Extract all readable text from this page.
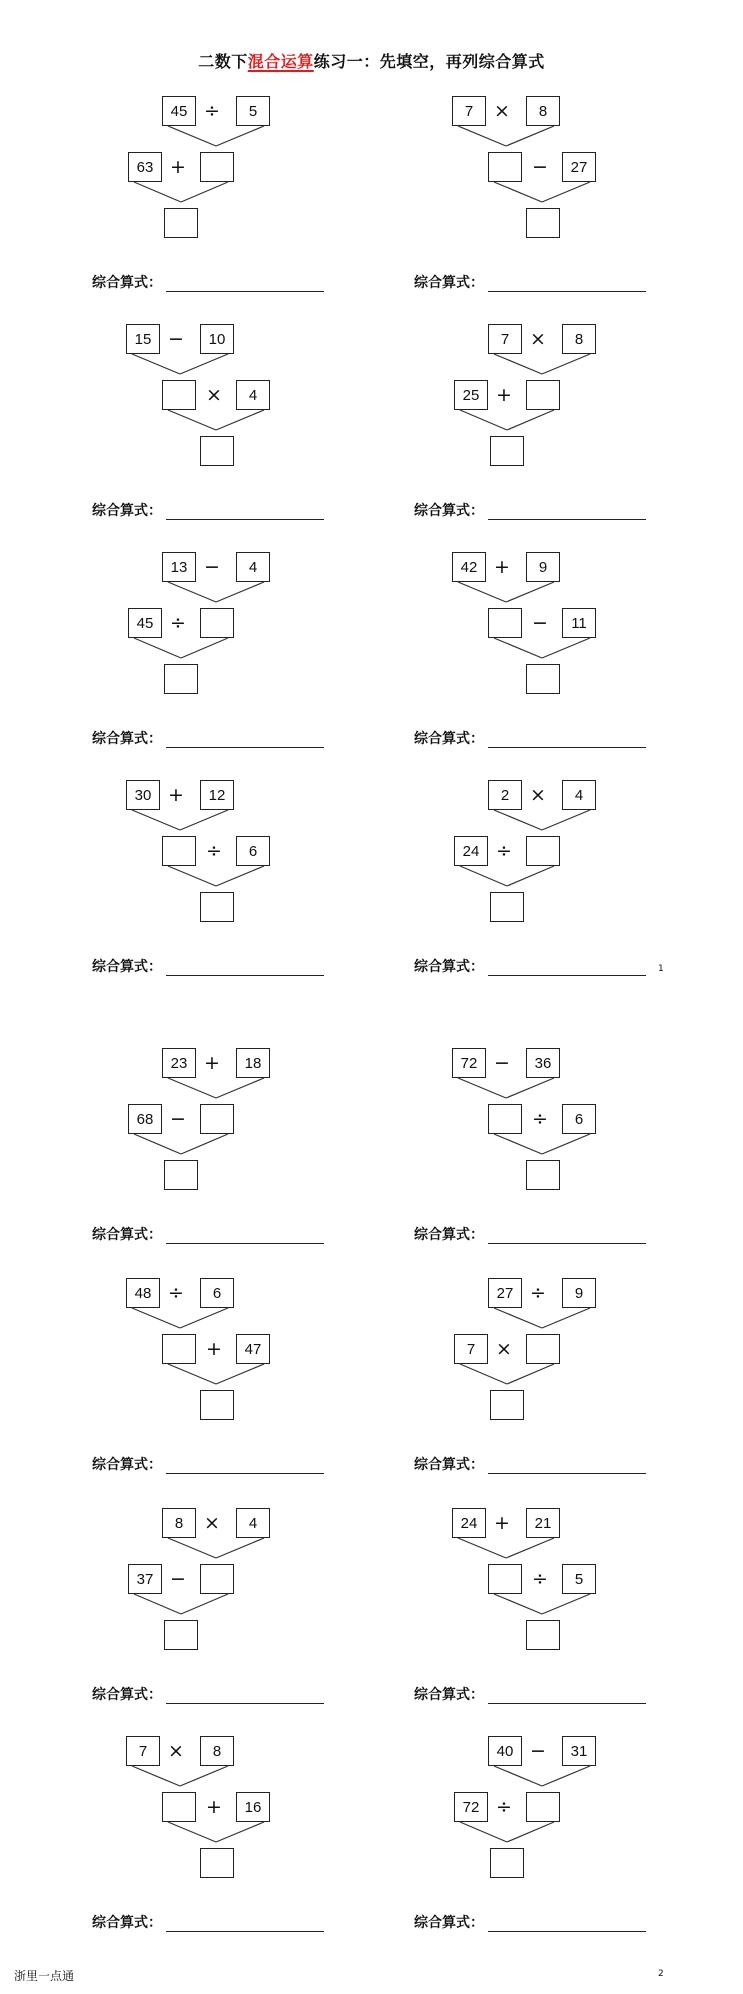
二数下混合运算练习一：先填空，再列综合算式
45 ÷	5
63 +
综合算式：
7	×	8
−	27
综合算式：
15 −	10
×	4
综合算式：
7	×	8
25 +
综合算式：
13 −	4
45 ÷
综合算式：
42 +	9
−	11
综合算式：
30 +	12
÷	6
综合算式：
2	×	4
24 ÷
综合算式：
23 +	18
68 −
综合算式：
72 −	36
÷	6
综合算式：
48 ÷	6
+	47
综合算式：
27 ÷	9
7	×
综合算式：
8	×	4
37 −
综合算式：
24 +	21
÷	5
综合算式：
7	×	8
+	16
综合算式：
40 −	31
72 ÷
综合算式：
1
2
浙里一点通
